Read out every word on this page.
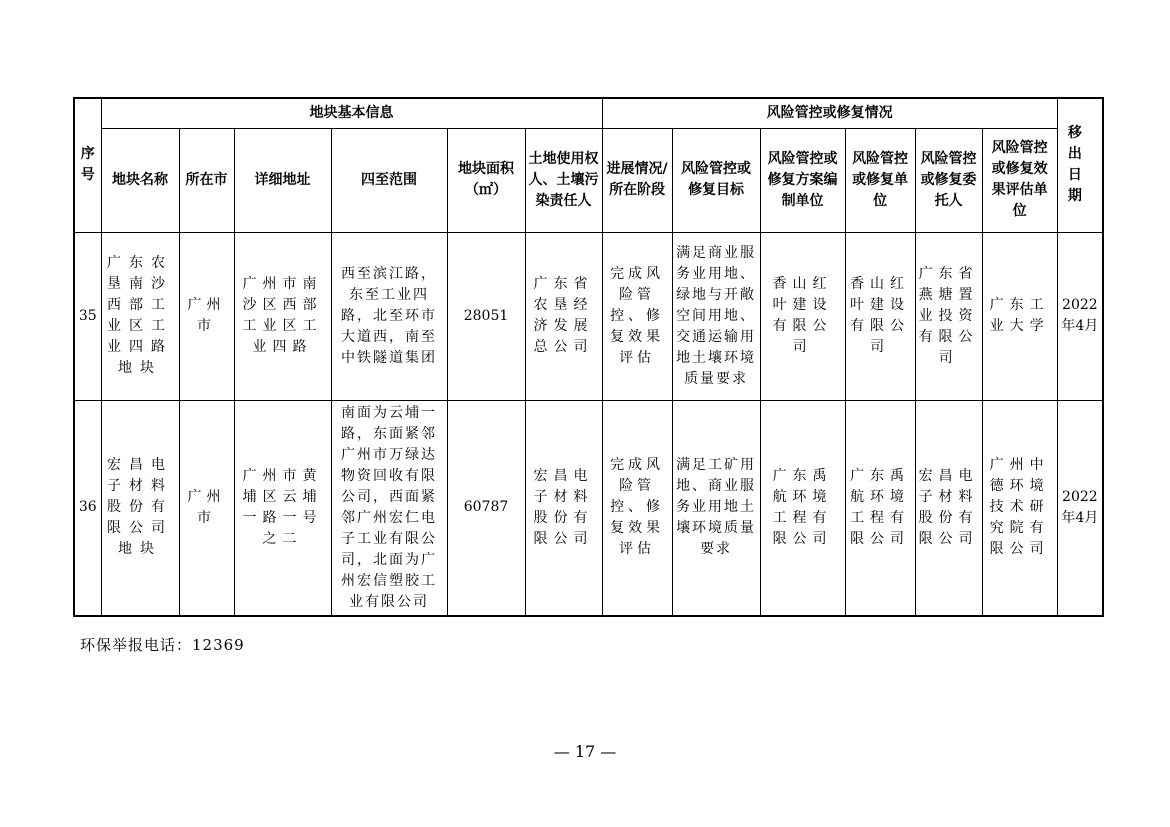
序号	地块基本信息						风险管控或修复情况						移出日期
	地块名称	所在市	详细地址	四至范围	地块面积（㎡）	土地使用权人、土壤污染责任人	进展情况/所在阶段	风险管控或修复目标	风险管控或修复方案编制单位	风险管控或修复单位	风险管控或修复委托人	风险管控或修复效果评估单位	
35	广东农垦南沙西部工业区工业四路地块	广州市	广州市南沙区西部工业区工业四路	西至滨江路，东至工业四路，北至环市大道西，南至中铁隧道集团	28051	广东省农垦经济发展总公司	完成风险管控、修复效果评估	满足商业服务业用地、绿地与开敞空间用地、交通运输用地土壤环境质量要求	香山红叶建设有限公司	香山红叶建设有限公司	广东省燕塘置业投资有限公司	广东工业大学	2022年4月
36	宏昌电子材料股份有限公司地块	广州市	广州市黄埔区云埔一路一号之二	南面为云埔一路，东面紧邻广州市万绿达物资回收有限公司，西面紧邻广州宏仁电子工业有限公司，北面为广州宏信塑胶工业有限公司	60787	宏昌电子材料股份有限公司	完成风险管控、修复效果评估	满足工矿用地、商业服务业用地土壤环境质量要求	广东禹航环境工程有限公司	广东禹航环境工程有限公司	宏昌电子材料股份有限公司	广州中德环境技术研究院有限公司	2022年4月
环保举报电话：12369
— 17 —
